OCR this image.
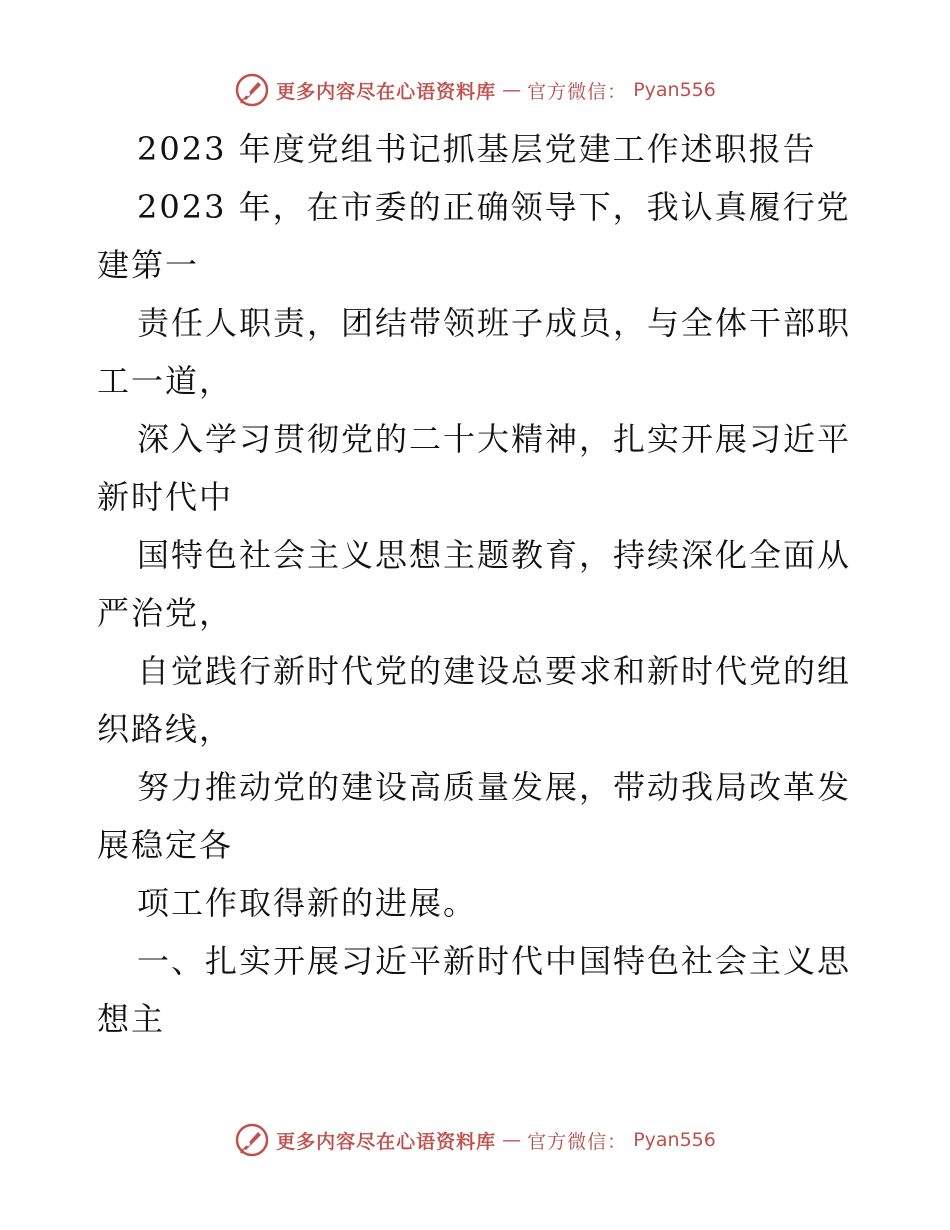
更多内容尽在心语资料库 — 官方微信： Pyan556
2023 年度党组书记抓基层党建工作述职报告
2023 年，在市委的正确领导下，我认真履行党
建第一
责任人职责，团结带领班子成员，与全体干部职
工一道，
深入学习贯彻党的二十大精神，扎实开展习近平
新时代中
国特色社会主义思想主题教育，持续深化全面从
严治党，
自觉践行新时代党的建设总要求和新时代党的组
织路线，
努力推动党的建设高质量发展，带动我局改革发
展稳定各
项工作取得新的进展。
一、扎实开展习近平新时代中国特色社会主义思
想主
更多内容尽在心语资料库 — 官方微信： Pyan556
